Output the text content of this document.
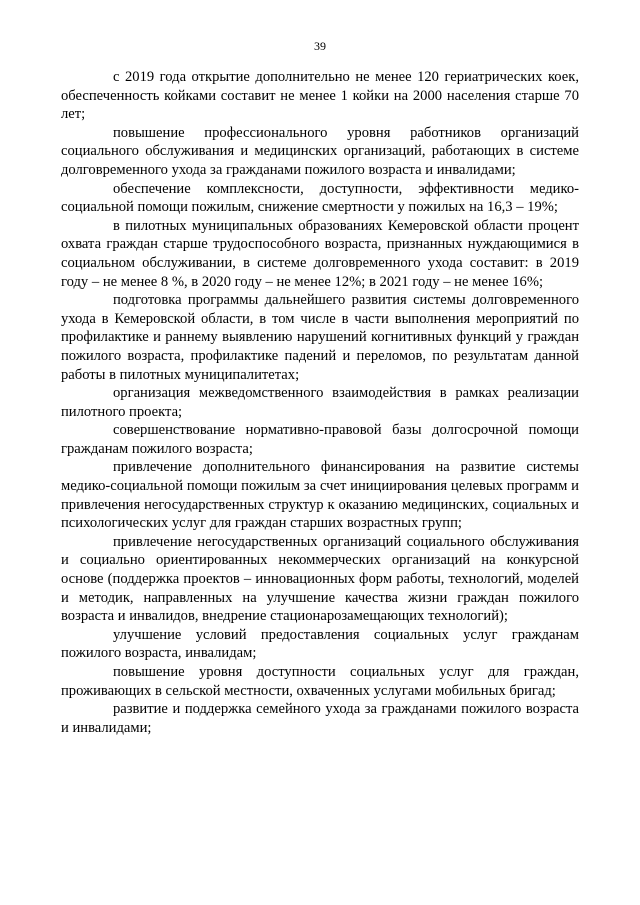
39

с 2019 года открытие дополнительно не менее 120 гериатрических коек, обеспеченность койками составит не менее 1 койки на 2000 населения старше 70 лет;

повышение профессионального уровня работников организаций социального обслуживания и медицинских организаций, работающих в системе долговременного ухода за гражданами пожилого возраста и инвалидами;

обеспечение комплексности, доступности, эффективности медико-социальной помощи пожилым, снижение смертности у пожилых на 16,3 – 19%;

в пилотных муниципальных образованиях Кемеровской области процент охвата граждан старше трудоспособного возраста, признанных нуждающимися в социальном обслуживании, в системе долговременного ухода составит: в 2019 году – не менее 8 %, в 2020 году – не менее 12%; в 2021 году – не менее 16%;

подготовка программы дальнейшего развития системы долговременного ухода в Кемеровской области, в том числе в части выполнения мероприятий по профилактике и раннему выявлению нарушений когнитивных функций у граждан пожилого возраста, профилактике падений и переломов, по результатам данной работы в пилотных муниципалитетах;

организация межведомственного взаимодействия в рамках реализации пилотного проекта;

совершенствование нормативно-правовой базы долгосрочной помощи гражданам пожилого возраста;

привлечение дополнительного финансирования на развитие системы медико-социальной помощи пожилым за счет инициирования целевых программ и привлечения негосударственных структур к оказанию медицинских, социальных и психологических услуг для граждан старших возрастных групп;

привлечение негосударственных организаций социального обслуживания и социально ориентированных некоммерческих организаций на конкурсной основе (поддержка проектов – инновационных форм работы, технологий, моделей и методик, направленных на улучшение качества жизни граждан пожилого возраста и инвалидов, внедрение стационарозамещающих технологий);

улучшение условий предоставления социальных услуг гражданам пожилого возраста, инвалидам;

повышение уровня доступности социальных услуг для граждан, проживающих в сельской местности, охваченных услугами мобильных бригад;

развитие и поддержка семейного ухода за гражданами пожилого возраста и инвалидами;
